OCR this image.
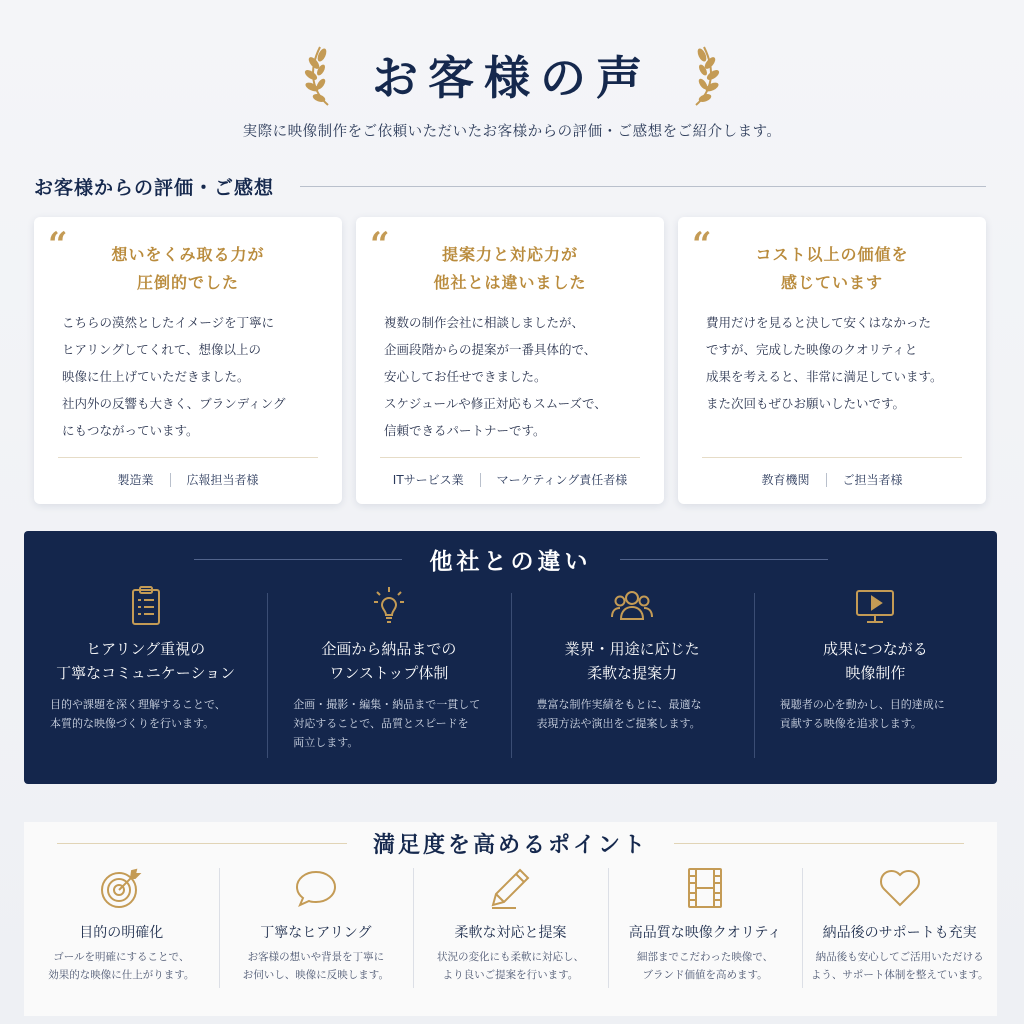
お客様の声

実際に映像制作をご依頼いただいたお客様からの評価・ご感想をご紹介します。

お客様からの評価・ご感想
“	想いをくみ取る力が
圧倒的でした
こちらの漠然としたイメージを丁寧に
ヒアリングしてくれて、想像以上の
映像に仕上げていただきました。
社内外の反響も大きく、ブランディング
にもつながっています。
製造業	広報担当者様
“	提案力と対応力が
他社とは違いました
複数の制作会社に相談しましたが、
企画段階からの提案が一番具体的で、
安心してお任せできました。
スケジュールや修正対応もスムーズで、
信頼できるパートナーです。
ITサービス業	マーケティング責任者様
“	コスト以上の価値を
感じています
費用だけを見ると決して安くはなかった
ですが、完成した映像のクオリティと
成果を考えると、非常に満足しています。
また次回もぜひお願いしたいです。
教育機関	ご担当者様
他社との違い
ヒアリング重視の
丁寧なコミュニケーション
目的や課題を深く理解することで、
本質的な映像づくりを行います。
企画から納品までの
ワンストップ体制
企画・撮影・編集・納品まで一貫して
対応することで、品質とスピードを
両立します。
業界・用途に応じた
柔軟な提案力
豊富な制作実績をもとに、最適な
表現方法や演出をご提案します。
成果につながる
映像制作
視聴者の心を動かし、目的達成に
貢献する映像を追求します。
満足度を高めるポイント
目的の明確化
ゴールを明確にすることで、
効果的な映像に仕上がります。
丁寧なヒアリング
お客様の想いや背景を丁寧に
お伺いし、映像に反映します。
柔軟な対応と提案
状況の変化にも柔軟に対応し、
より良いご提案を行います。
高品質な映像クオリティ
細部までこだわった映像で、
ブランド価値を高めます。
納品後のサポートも充実
納品後も安心してご活用いただける
よう、サポート体制を整えています。
